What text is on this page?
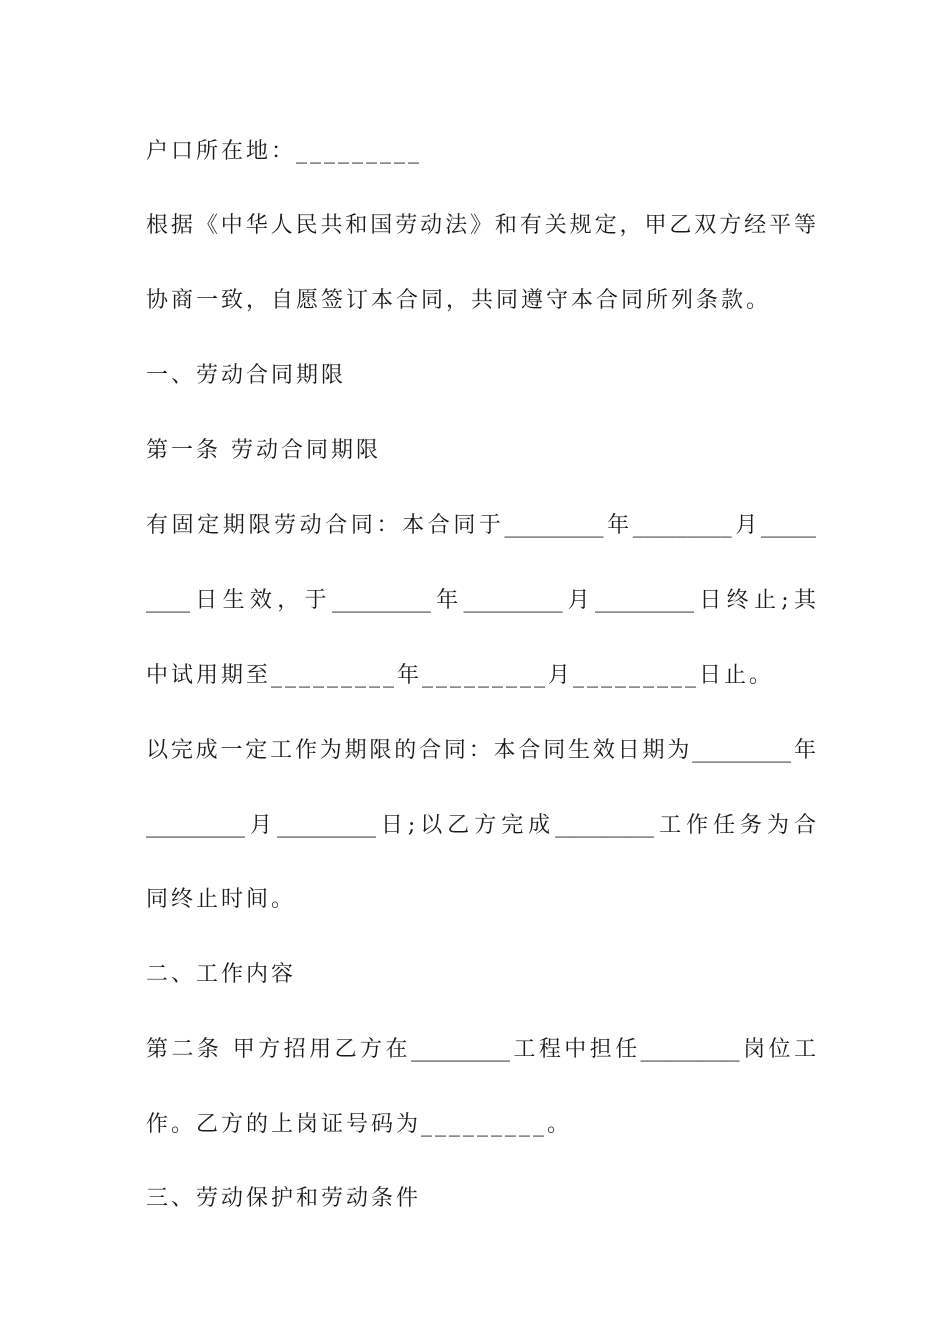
户口所在地：_________
根据《中华人民共和国劳动法》和有关规定，甲乙双方经平等
协商一致，自愿签订本合同，共同遵守本合同所列条款。
一、劳动合同期限
第一条 劳动合同期限
有固定期限劳动合同：本合同于_________年_________月_____
____日生效，于_________年_________月_________日终止;其
中试用期至_________年_________月_________日止。
以完成一定工作为期限的合同：本合同生效日期为_________年
_________月_________日;以乙方完成_________工作任务为合
同终止时间。
二、工作内容
第二条 甲方招用乙方在_________工程中担任_________岗位工
作。乙方的上岗证号码为_________。
三、劳动保护和劳动条件
